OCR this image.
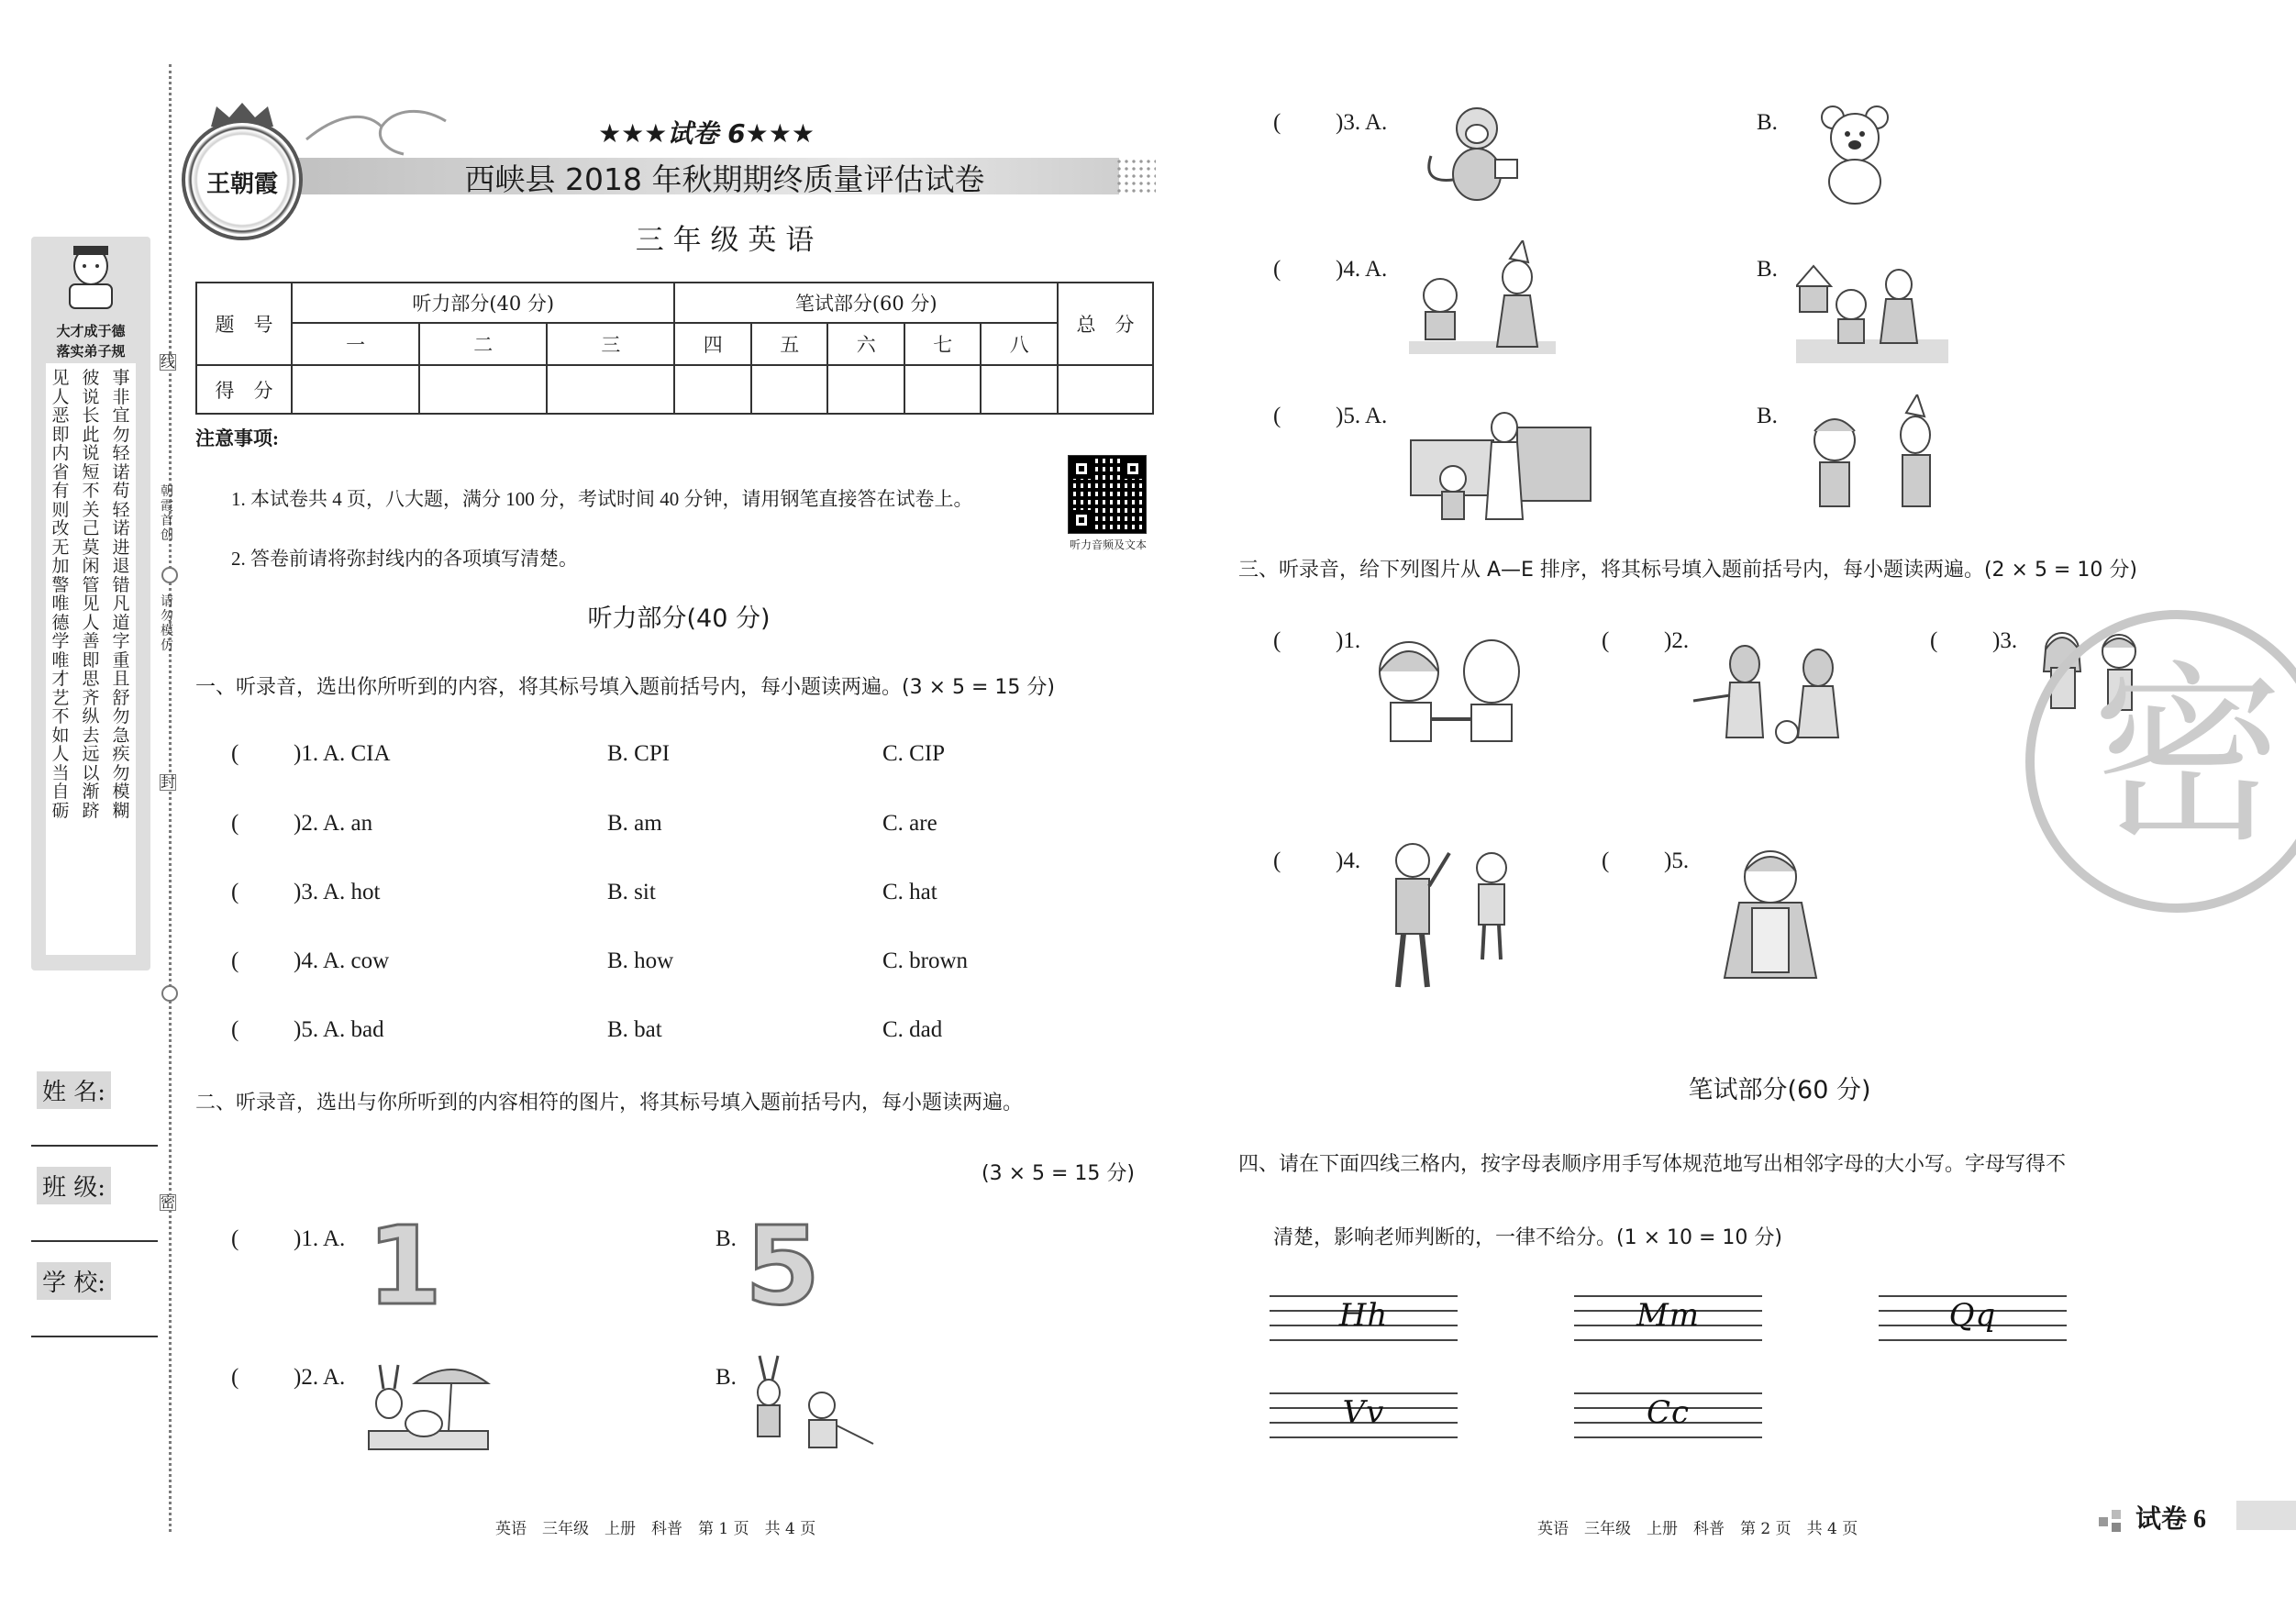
大才成于德
落实弟子规
见人恶即内省有则改无加警唯德学唯才艺不如人当自砺
彼说长此说短不关己莫闲管见人善即思齐纵去远以渐跻
事非宜勿轻诺苟轻诺进退错凡道字重且舒勿急疾勿模糊
线
朝霞首创
请勿模仿
封
密
姓 名:
班 级:
学 校:
王朝霞
★★★试卷 6★★★
西峡县 2018 年秋期期终质量评估试卷
三 年 级 英 语
题　号	听力部分(40 分)			笔试部分(60 分)					总　分
	一	二	三	四	五	六	七	八	
得　分									
注意事项:
1. 本试卷共 4 页，八大题，满分 100 分，考试时间 40 分钟，请用钢笔直接答在试卷上。
2. 答卷前请将弥封线内的各项填写清楚。
听力音频及文本
听力部分(40 分)
一、听录音，选出你所听到的内容，将其标号填入题前括号内，每小题读两遍。(3 × 5 = 15 分)
( )1. A. CIA	B. CPI	C. CIP
( )2. A. an	B. am	C. are
( )3. A. hot	B. sit	C. hat
( )4. A. cow	B. how	C. brown
( )5. A. bad	B. bat	C. dad
二、听录音，选出与你所听到的内容相符的图片，将其标号填入题前括号内，每小题读两遍。
(3 × 5 = 15 分)
( )1. A. 1	B. 5
( )2. A.	B.
( )3. A.	B.
( )4. A.	B.
( )5. A.	B.
三、听录音，给下列图片从 A—E 排序，将其标号填入题前括号内，每小题读两遍。(2 × 5 = 10 分)
( )1.	( )2.	( )3.
( )4.	( )5.
笔试部分(60 分)
四、请在下面四线三格内，按字母表顺序用手写体规范地写出相邻字母的大小写。字母写得不
清楚，影响老师判断的，一律不给分。(1 × 10 = 10 分)
Hh	Mm	Qq
Vv	Cc
密
英语　三年级　上册　科普　第 1 页　共 4 页	英语　三年级　上册　科普　第 2 页　共 4 页	试卷 6
